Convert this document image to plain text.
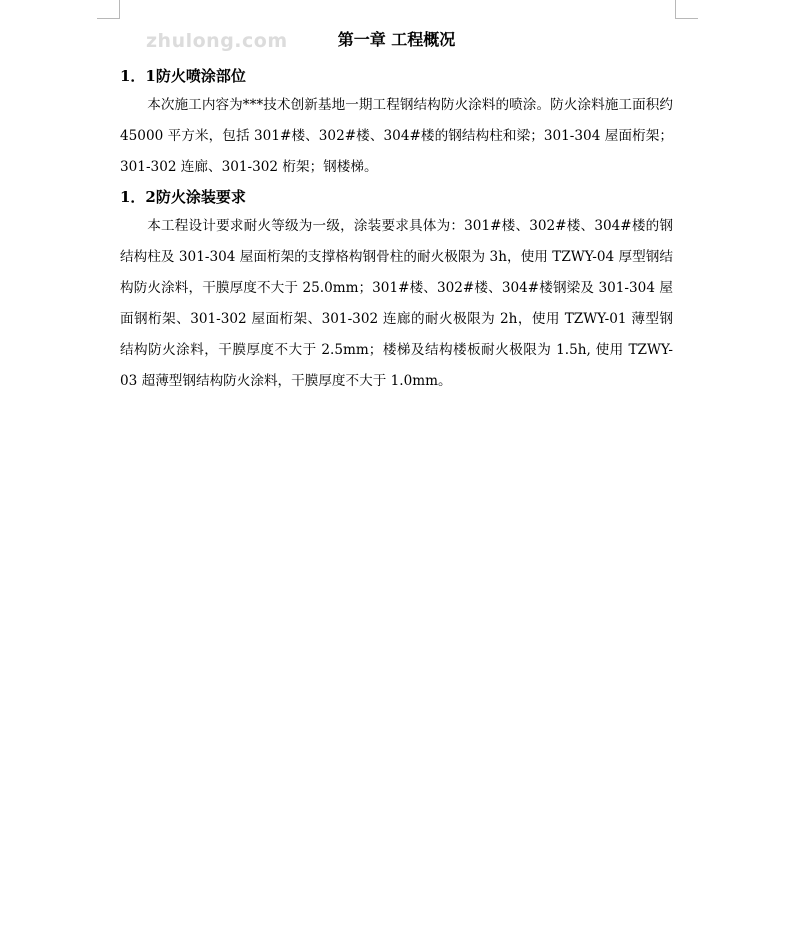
zhulong.com	第一章 工程概况
1．1防火喷涂部位

本次施工内容为***技术创新基地一期工程钢结构防火涂料的喷涂。防火涂料施工面积约 45000 平方米，包括 301#楼、302#楼、304#楼的钢结构柱和梁；301-304 屋面桁架；301-302 连廊、301-302 桁架；钢楼梯。

1．2防火涂装要求

本工程设计要求耐火等级为一级，涂装要求具体为：301#楼、302#楼、304#楼的钢结构柱及 301-304 屋面桁架的支撑格构钢骨柱的耐火极限为 3h，使用 TZWY-04 厚型钢结构防火涂料，干膜厚度不大于 25.0mm；301#楼、302#楼、304#楼钢梁及 301-304 屋面钢桁架、301-302 屋面桁架、301-302 连廊的耐火极限为 2h，使用 TZWY-01 薄型钢结构防火涂料，干膜厚度不大于 2.5mm；楼梯及结构楼板耐火极限为 1.5h, 使用 TZWY-03 超薄型钢结构防火涂料，干膜厚度不大于 1.0mm。
